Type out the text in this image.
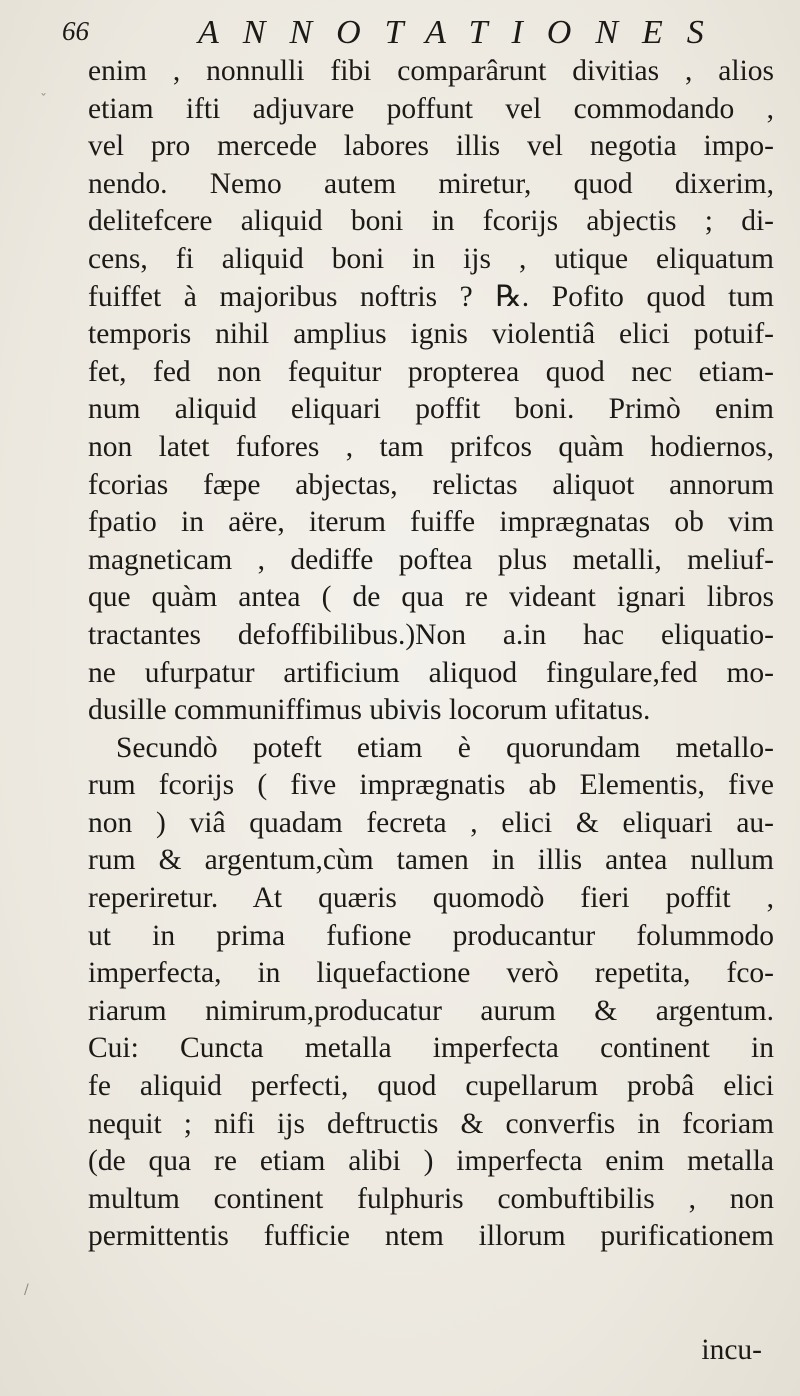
66	ANNOTATIONES
enim , nonnulli fibi comparârunt divitias , alios
etiam ifti adjuvare poffunt vel commodando ,
vel pro mercede labores illis vel negotia impo-
nendo. Nemo autem miretur, quod dixerim,
delitefcere aliquid boni in fcorijs abjectis ; di-
cens, fi aliquid boni in ijs , utique eliquatum
fuiffet à majoribus noftris ? ℞. Pofito quod tum
temporis nihil amplius ignis violentiâ elici potuif-
fet, fed non fequitur propterea quod nec etiam-
num aliquid eliquari poffit boni. Primò enim
non latet fufores , tam prifcos quàm hodiernos,
fcorias fæpe abjectas, relictas aliquot annorum
fpatio in aëre, iterum fuiffe imprægnatas ob vim
magneticam , dediffe poftea plus metalli, meliuf-
que quàm antea ( de qua re videant ignari libros
tractantes defoffibilibus.)Non a.in hac eliquatio-
ne ufurpatur artificium aliquod fingulare,fed mo-
dusille communiffimus ubivis locorum ufitatus.
Secundò poteft etiam è quorundam metallo-
rum fcorijs ( five imprægnatis ab Elementis, five
non ) viâ quadam fecreta , elici & eliquari au-
rum & argentum,cùm tamen in illis antea nullum
reperiretur. At quæris quomodò fieri poffit ,
ut in prima fufione producantur folummodo
imperfecta, in liquefactione verò repetita, fco-
riarum nimirum,producatur aurum & argentum.
Cui: Cuncta metalla imperfecta continent in
fe aliquid perfecti, quod cupellarum probâ elici
nequit ; nifi ijs deftructis & converfis in fcoriam
(de qua re etiam alibi ) imperfecta enim metalla
multum continent fulphuris combuftibilis , non
permittentis fufficie ntem illorum purificationem
incu-
ˇ
/
